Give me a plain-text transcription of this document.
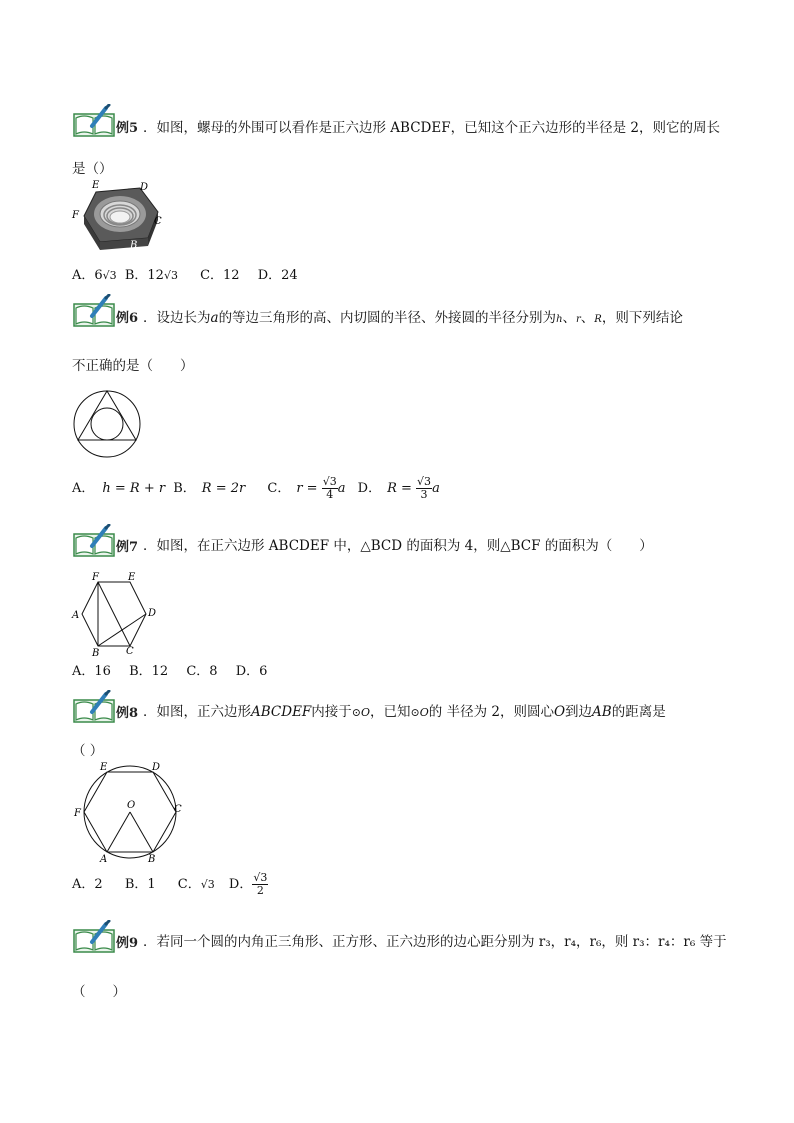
例5 ．如图，螺母的外围可以看作是正六边形 ABCDEF，已知这个正六边形的半径是 2，则它的周长
是（）
E	D
F
C
A	B
A．6√3 B．12√3 C．12 D．24
例6 ．设边长为a的等边三角形的高、内切圆的半径、外接圆的半径分别为h、r、R，则下列结论
不正确的是（　　）
A． h = R + r B． R = 2r C． $r = \frac{√3}{4}$ a D． $R = \frac{√3}{3}$ a
例7 ．如图，在正六边形 ABCDEF 中，△BCD 的面积为 4，则△BCF 的面积为（　　）
F	E
A	D
B	C
A．16 B．12 C．8 D．6
例8 ．如图，正六边形ABCDEF内接于⊙O，已知⊙O的 半径为 2，则圆心O到边AB的距离是
（ ）
E	D
F
O	C
A	B
A．2 B．1 C．√3 D． $\frac{√3}{2}$
例9 ．若同一个圆的内角正三角形、正方形、正六边形的边心距分别为 r₃，r₄，r₆，则 r₃：r₄：r₆ 等于
（　　）
